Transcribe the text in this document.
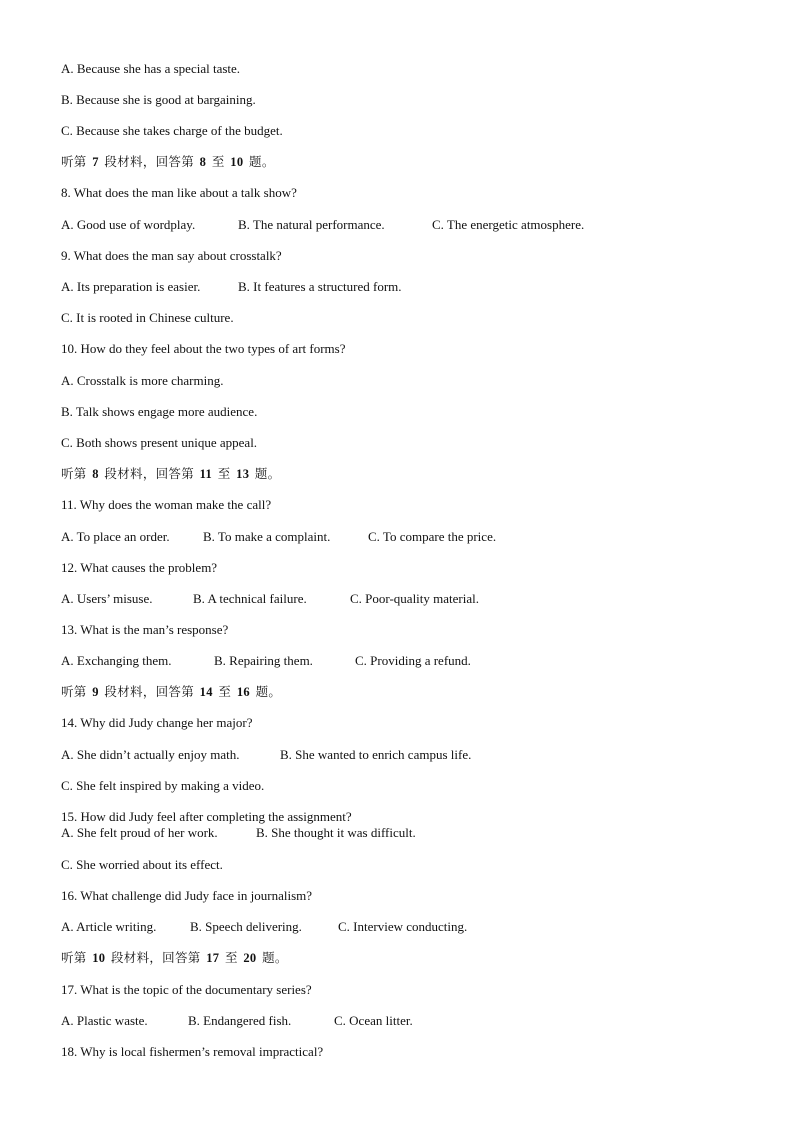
A. Because she has a special taste.
B. Because she is good at bargaining.
C. Because she takes charge of the budget.
听第 7 段材料，回答第 8 至 10 题。
8. What does the man like about a talk show?
A. Good use of wordplay.	B. The natural performance.	C. The energetic atmosphere.
9. What does the man say about crosstalk?
A. Its preparation is easier.	B. It features a structured form.
C. It is rooted in Chinese culture.
10. How do they feel about the two types of art forms?
A. Crosstalk is more charming.
B. Talk shows engage more audience.
C. Both shows present unique appeal.
听第 8 段材料，回答第 11 至 13 题。
11. Why does the woman make the call?
A. To place an order.	B. To make a complaint.	C. To compare the price.
12. What causes the problem?
A. Users’ misuse.	B. A technical failure.	C. Poor-quality material.
13. What is the man’s response?
A. Exchanging them.	B. Repairing them.	C. Providing a refund.
听第 9 段材料，回答第 14 至 16 题。
14. Why did Judy change her major?
A. She didn’t actually enjoy math.	B. She wanted to enrich campus life.
C. She felt inspired by making a video.
15. How did Judy feel after completing the assignment?
A. She felt proud of her work.	B. She thought it was difficult.
C. She worried about its effect.
16. What challenge did Judy face in journalism?
A. Article writing.	B. Speech delivering.	C. Interview conducting.
听第 10 段材料，回答第 17 至 20 题。
17. What is the topic of the documentary series?
A. Plastic waste.	B. Endangered fish.	C. Ocean litter.
18. Why is local fishermen’s removal impractical?
